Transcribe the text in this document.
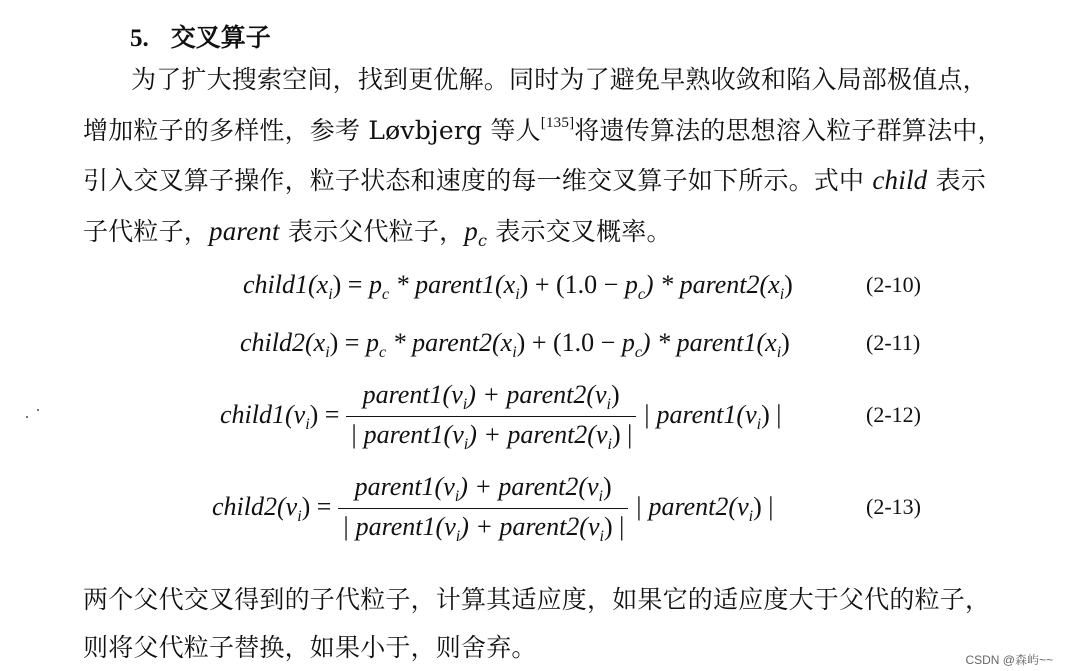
5. 交叉算子
为了扩大搜索空间，找到更优解。同时为了避免早熟收敛和陷入局部极值点，
增加粒子的多样性，参考 Løvbjerg 等人[135]将遗传算法的思想溶入粒子群算法中，
引入交叉算子操作，粒子状态和速度的每一维交叉算子如下所示。式中 child 表示
子代粒子，parent 表示父代粒子，$p_c$ 表示交叉概率。
$child1(x_i) = p_c$ * $parent1(x_i) + (1.0 - p_c)$ * $parent2(x_i)$	(2-10)
$child2(x_i) = p_c$ * $parent2(x_i) + (1.0 - p_c)$ * $parent1(x_i)$	(2-11)
$child1(v_i) = \frac{parent1(v_i) + parent2(v_i)}{| parent1(v_i) + parent2(v_i) |}$ | $parent1(v_i)$ |	(2-12)
$child2(v_i) = \frac{parent1(v_i) + parent2(v_i)}{| parent1(v_i) + parent2(v_i) |}$ | $parent2(v_i)$ |	(2-13)
两个父代交叉得到的子代粒子，计算其适应度，如果它的适应度大于父代的粒子，
则将父代粒子替换，如果小于，则舍弃。	CSDN @森屿~~
